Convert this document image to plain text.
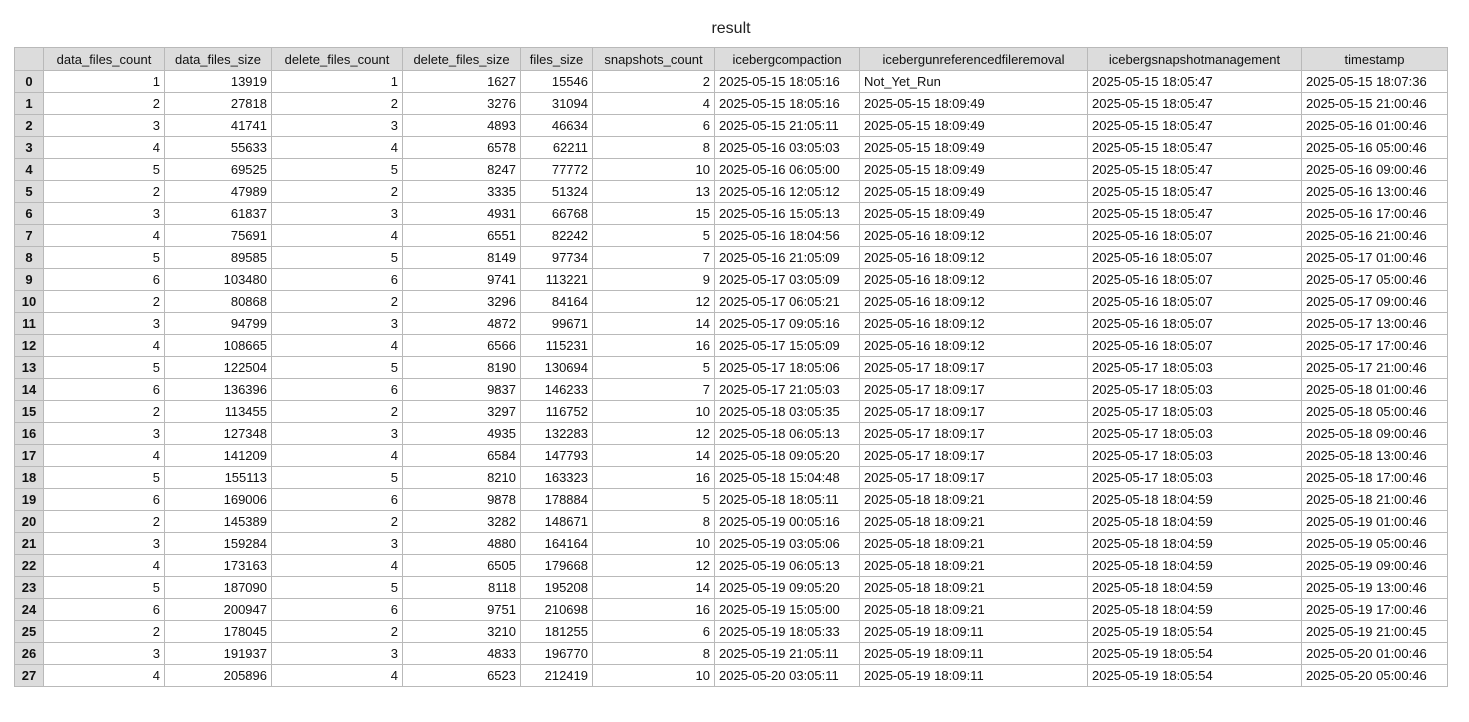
result
	data_files_count	data_files_size	delete_files_count	delete_files_size	files_size	snapshots_count	icebergcompaction	icebergunreferencedfileremoval	icebergsnapshotmanagement	timestamp
0	1	13919	1	1627	15546	2	2025-05-15 18:05:16	Not_Yet_Run	2025-05-15 18:05:47	2025-05-15 18:07:36
1	2	27818	2	3276	31094	4	2025-05-15 18:05:16	2025-05-15 18:09:49	2025-05-15 18:05:47	2025-05-15 21:00:46
2	3	41741	3	4893	46634	6	2025-05-15 21:05:11	2025-05-15 18:09:49	2025-05-15 18:05:47	2025-05-16 01:00:46
3	4	55633	4	6578	62211	8	2025-05-16 03:05:03	2025-05-15 18:09:49	2025-05-15 18:05:47	2025-05-16 05:00:46
4	5	69525	5	8247	77772	10	2025-05-16 06:05:00	2025-05-15 18:09:49	2025-05-15 18:05:47	2025-05-16 09:00:46
5	2	47989	2	3335	51324	13	2025-05-16 12:05:12	2025-05-15 18:09:49	2025-05-15 18:05:47	2025-05-16 13:00:46
6	3	61837	3	4931	66768	15	2025-05-16 15:05:13	2025-05-15 18:09:49	2025-05-15 18:05:47	2025-05-16 17:00:46
7	4	75691	4	6551	82242	5	2025-05-16 18:04:56	2025-05-16 18:09:12	2025-05-16 18:05:07	2025-05-16 21:00:46
8	5	89585	5	8149	97734	7	2025-05-16 21:05:09	2025-05-16 18:09:12	2025-05-16 18:05:07	2025-05-17 01:00:46
9	6	103480	6	9741	113221	9	2025-05-17 03:05:09	2025-05-16 18:09:12	2025-05-16 18:05:07	2025-05-17 05:00:46
10	2	80868	2	3296	84164	12	2025-05-17 06:05:21	2025-05-16 18:09:12	2025-05-16 18:05:07	2025-05-17 09:00:46
11	3	94799	3	4872	99671	14	2025-05-17 09:05:16	2025-05-16 18:09:12	2025-05-16 18:05:07	2025-05-17 13:00:46
12	4	108665	4	6566	115231	16	2025-05-17 15:05:09	2025-05-16 18:09:12	2025-05-16 18:05:07	2025-05-17 17:00:46
13	5	122504	5	8190	130694	5	2025-05-17 18:05:06	2025-05-17 18:09:17	2025-05-17 18:05:03	2025-05-17 21:00:46
14	6	136396	6	9837	146233	7	2025-05-17 21:05:03	2025-05-17 18:09:17	2025-05-17 18:05:03	2025-05-18 01:00:46
15	2	113455	2	3297	116752	10	2025-05-18 03:05:35	2025-05-17 18:09:17	2025-05-17 18:05:03	2025-05-18 05:00:46
16	3	127348	3	4935	132283	12	2025-05-18 06:05:13	2025-05-17 18:09:17	2025-05-17 18:05:03	2025-05-18 09:00:46
17	4	141209	4	6584	147793	14	2025-05-18 09:05:20	2025-05-17 18:09:17	2025-05-17 18:05:03	2025-05-18 13:00:46
18	5	155113	5	8210	163323	16	2025-05-18 15:04:48	2025-05-17 18:09:17	2025-05-17 18:05:03	2025-05-18 17:00:46
19	6	169006	6	9878	178884	5	2025-05-18 18:05:11	2025-05-18 18:09:21	2025-05-18 18:04:59	2025-05-18 21:00:46
20	2	145389	2	3282	148671	8	2025-05-19 00:05:16	2025-05-18 18:09:21	2025-05-18 18:04:59	2025-05-19 01:00:46
21	3	159284	3	4880	164164	10	2025-05-19 03:05:06	2025-05-18 18:09:21	2025-05-18 18:04:59	2025-05-19 05:00:46
22	4	173163	4	6505	179668	12	2025-05-19 06:05:13	2025-05-18 18:09:21	2025-05-18 18:04:59	2025-05-19 09:00:46
23	5	187090	5	8118	195208	14	2025-05-19 09:05:20	2025-05-18 18:09:21	2025-05-18 18:04:59	2025-05-19 13:00:46
24	6	200947	6	9751	210698	16	2025-05-19 15:05:00	2025-05-18 18:09:21	2025-05-18 18:04:59	2025-05-19 17:00:46
25	2	178045	2	3210	181255	6	2025-05-19 18:05:33	2025-05-19 18:09:11	2025-05-19 18:05:54	2025-05-19 21:00:45
26	3	191937	3	4833	196770	8	2025-05-19 21:05:11	2025-05-19 18:09:11	2025-05-19 18:05:54	2025-05-20 01:00:46
27	4	205896	4	6523	212419	10	2025-05-20 03:05:11	2025-05-19 18:09:11	2025-05-19 18:05:54	2025-05-20 05:00:46
